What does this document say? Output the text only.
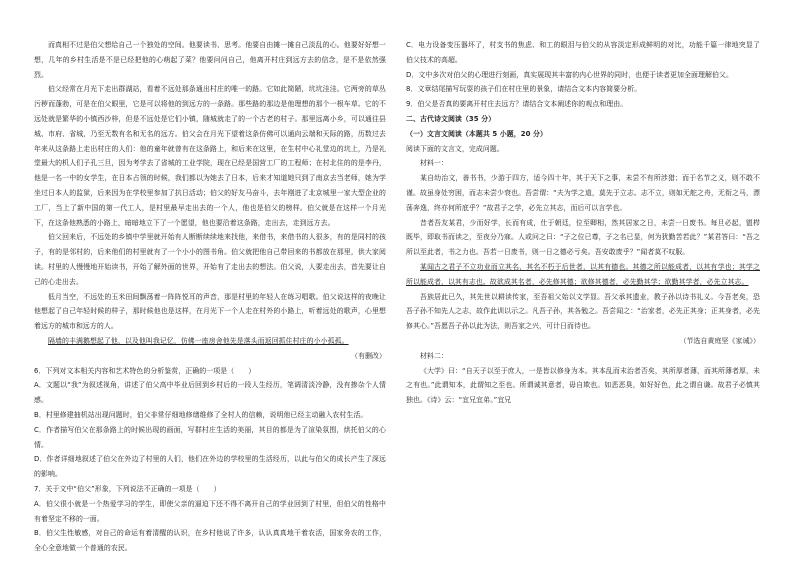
而真相不过是伯父想给自己一个独处的空间。他要读书、思考。他要自由摊一摊自己淡乱的心。他要好好想一想，几年的乡村生活是不是已经把他的心萌起了菜？他要问问自己，他离开村庄到远方去的信念，是不是依然强烈。

伯父经常在月光下走出群湖站，看着不远处那条通出村庄的唯一的路。它如此简陋，坑坑洼洼。它两旁的草丛污秽而蓬勃，可是在伯父眼里，它是可以将他的到远方的一条路。那些路的那边是他理想的那个一根车草。它的不远处就是繁华的小镇西沙梓，但是不远处是它们小镇，随城就走了的一个古老的村子。那里远离小乡，可以通往县城、市府、省城，乃至无数有名和无名的远方。伯父会在月光下望着这条仿佛可以通向云端和天际的路，历数过去年来从这条路上走出村庄的人们：他的童年就曾有在这条路上，和后来在这里，在生村中心礼堂边的坑上，乃是礼堂最大的机人们子孔三旦，因为考学去了省城的工业学院，现在已经是国营工厂的工程师；在村北住的的是李丹，他是一名一中的女学生，在日本占领的时候，我们都以为她去了日本，后来才知道她只到了南京去当老师，她为学坐过日本人的监狱，后来因为在学校里参加了抗日活动；伯父的好友马奋斗，去年刚进了北京城里一家大型企业的工厂，当上了新中国的第一代工人，是村里最早走出去的一个人，他也是伯父的榜样。伯父就是在这样一个月光下，在这条他熟悉的小路上，暗暗地立下了一个愿望，他也要沿着这条路，走出去，走到远方去。

伯父回来后，不远处的乡镇中学里就开始有人断断续续地来找他，来借书，来借书的人很多，有的是同村的孩子，有的是邻村的，后来他们的村里就有了一个小小的图书角。伯父就把他自己带回来的书都放在那里，供大家阅读。村里的人慢慢地开始读书，开始了解外面的世界，开始有了走出去的想法。伯父说，人要走出去，首先要让自己的心走出去。

低月当空，不远处的玉米田间飘荡着一阵阵悦耳的声音，那是村里的年轻人在练习唱歌。伯父说这样的夜晚让他想起了自己年轻时候的样子，那时候他也是这样，在月光下一个人走在村外的小路上，听着远处的歌声，心里想着远方的城市和远方的人。

隔墙的丰满鹅想起了他，以及他叫我记忆，仿佛一座房舍他先是落头而返回抓住村庄的小小孤孤。

（有删改）

6．下列对文本相关内容和艺术特色的分析鉴赏，正确的一项是（　　）

A．文题以“我”为叙述视角，讲述了伯父高中毕业后回到乡村后的一段人生经历，笔调清淡冷静，没有掺杂个人情感。

B．村里修建抽机站出现问题时，伯父非常仔细地修缮维修了全村人的信赖，说明他已经主动融入农村生活。

C．作者描写伯父在那条路上的时候出现的画面，写群村庄生活的美丽，其目的都是为了渲染氛围，烘托伯父的心情。

D．作者详细地叙述了伯父在外边了村里的人们，他们在外边的学校里的生活经历，以此与伯父的成长产生了深远的影响。

7．关于文中“伯父”形象，下列说法不正确的一项是（　　）

A．伯父很小就是一个热爱学习的学生，即使父亲的逼迫下还不得不离开自己的学业回到了村里，但伯父的性格中有着坚定不移的一面。

B．伯父生性敏感，对自己的命运有着清醒的认识，在乡村他说了许多，认认真真地干着农活，国家务农的工作，全心全意地做一个普通的农民。

C．电力设备变压器坏了，村支书的焦虑、和工的眼泪与伯父的从容淡定形成鲜明的对比，功能千篇一律地突显了伯父技术的高超。

D．文中多次对伯父的心理进行刻画，真实展现其丰富的内心世界的同时，也便于读者更加全面理解伯父。

8．文章结尾描写玩耍的孩子们在村庄里的景象，请结合文本内容简要分析。

9．伯父是否真的要离开村庄去远方？请结合文本阐述你的观点和理由。

二、古代诗文阅读（35 分）

（一）文言文阅读（本题共 5 小题，20 分）

阅读下面的文言文，完成问题。

材料一：

某自幼治文，善书书，少游于四方，适今四十年，其于天下之事，未尝不有所涉猎；而于名节之义，则不敢不谨。故虽身处穷困，而志未尝少衰也。吾尝谓：“夫为学之道，莫先于立志。志不立，则如无舵之舟，无衔之马，漂荡奔逸，终亦何所底乎？”故君子之学，必先立其志，而后可以言学也。

昔者吾友某君，少而好学，长而有成，仕于朝廷，位至卿相，然其居家之日，未尝一日废书。每旦必起，盥栉既毕，即取书而读之，至夜分乃寐。人或问之曰：“子之位已尊，子之名已显，何为犹勤苦若此？”某君答曰：“吾之所以至此者，书之力也。吾若一日废书，则一日之德必亏矣。吾安敢废乎？”闻者莫不叹服。

某闻古之君子不立功业而立其名，其名不朽于后世者，以其有德也。其德之所以能成者，以其有学也；其学之所以能成者，以其有志也。故欲成其名者，必先修其德；欲修其德者，必先勤其学；欲勤其学者，必先立其志。

吾族居此已久，其先世以耕读传家，至吾祖父始以文学显。吾父承其遗业，教子孙以诗书礼义。今吾老矣，恐吾子孙不知先人之志，故作此训以示之。凡吾子孙，其各勉之。吾尝闻之：“治家者，必先正其身；正其身者，必先修其心。”吾愿吾子孙以此为法，则吾家之兴，可计日而待也。

（节选自黄庭坚《家诫》）

材料二：

《大学》曰：“自天子以至于庶人，一是皆以修身为本。其本乱而末治者否矣，其所厚者薄，而其所薄者厚，未之有也。”此谓知本，此谓知之至也。所谓诚其意者，毋自欺也。如恶恶臭，如好好色，此之谓自谦。故君子必慎其独也。《诗》云：“宜兄宜弟。”宜兄
